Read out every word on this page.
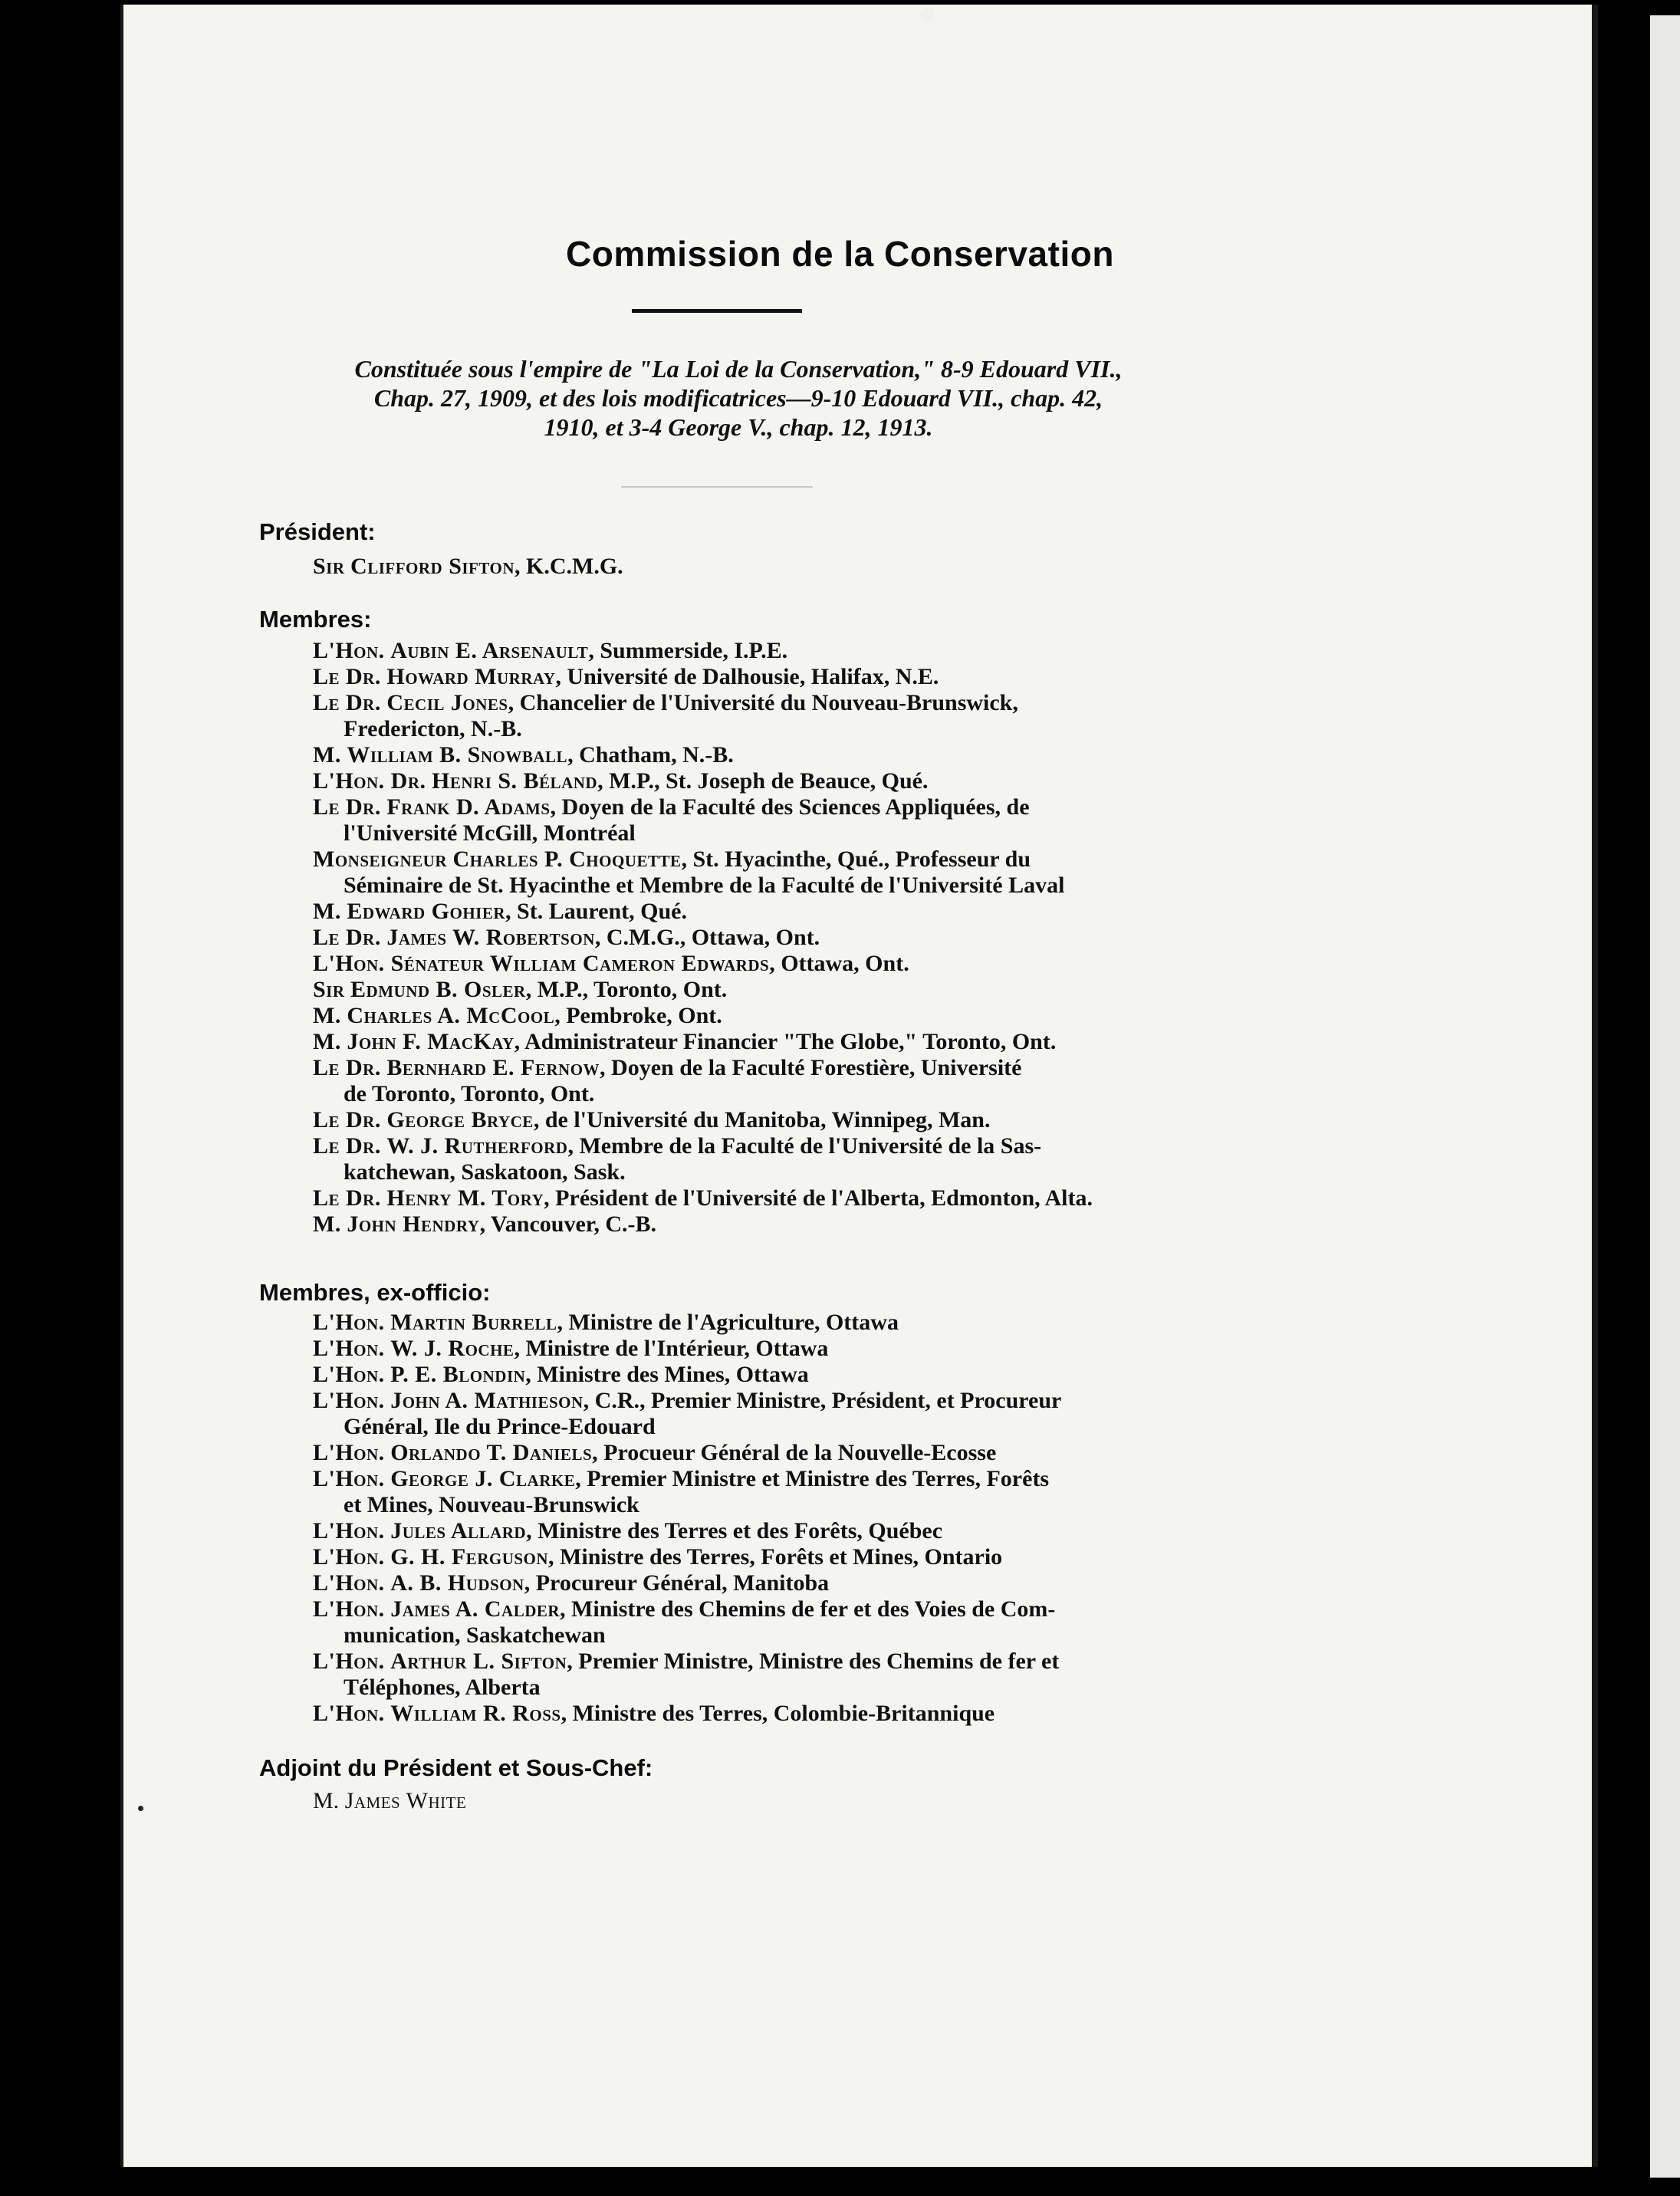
Commission de la Conservation
Constituée sous l'empire de "La Loi de la Conservation," 8-9 Edouard VII.,
Chap. 27, 1909, et des lois modificatrices—9-10 Edouard VII., chap. 42,
1910, et 3-4 George V., chap. 12, 1913.
Président:
Sir Clifford Sifton, K.C.M.G.
Membres:
L'Hon. Aubin E. Arsenault, Summerside, I.P.E.
Le Dr. Howard Murray, Université de Dalhousie, Halifax, N.E.
Le Dr. Cecil Jones, Chancelier de l'Université du Nouveau-Brunswick,
Fredericton, N.-B.
M. William B. Snowball, Chatham, N.-B.
L'Hon. Dr. Henri S. Béland, M.P., St. Joseph de Beauce, Qué.
Le Dr. Frank D. Adams, Doyen de la Faculté des Sciences Appliquées, de
l'Université McGill, Montréal
Monseigneur Charles P. Choquette, St. Hyacinthe, Qué., Professeur du
Séminaire de St. Hyacinthe et Membre de la Faculté de l'Université Laval
M. Edward Gohier, St. Laurent, Qué.
Le Dr. James W. Robertson, C.M.G., Ottawa, Ont.
L'Hon. Sénateur William Cameron Edwards, Ottawa, Ont.
Sir Edmund B. Osler, M.P., Toronto, Ont.
M. Charles A. McCool, Pembroke, Ont.
M. John F. MacKay, Administrateur Financier "The Globe," Toronto, Ont.
Le Dr. Bernhard E. Fernow, Doyen de la Faculté Forestière, Université
de Toronto, Toronto, Ont.
Le Dr. George Bryce, de l'Université du Manitoba, Winnipeg, Man.
Le Dr. W. J. Rutherford, Membre de la Faculté de l'Université de la Sas-
katchewan, Saskatoon, Sask.
Le Dr. Henry M. Tory, Président de l'Université de l'Alberta, Edmonton, Alta.
M. John Hendry, Vancouver, C.-B.
Membres, ex-officio:
L'Hon. Martin Burrell, Ministre de l'Agriculture, Ottawa
L'Hon. W. J. Roche, Ministre de l'Intérieur, Ottawa
L'Hon. P. E. Blondin, Ministre des Mines, Ottawa
L'Hon. John A. Mathieson, C.R., Premier Ministre, Président, et Procureur
Général, Ile du Prince-Edouard
L'Hon. Orlando T. Daniels, Procueur Général de la Nouvelle-Ecosse
L'Hon. George J. Clarke, Premier Ministre et Ministre des Terres, Forêts
et Mines, Nouveau-Brunswick
L'Hon. Jules Allard, Ministre des Terres et des Forêts, Québec
L'Hon. G. H. Ferguson, Ministre des Terres, Forêts et Mines, Ontario
L'Hon. A. B. Hudson, Procureur Général, Manitoba
L'Hon. James A. Calder, Ministre des Chemins de fer et des Voies de Com-
munication, Saskatchewan
L'Hon. Arthur L. Sifton, Premier Ministre, Ministre des Chemins de fer et
Téléphones, Alberta
L'Hon. William R. Ross, Ministre des Terres, Colombie-Britannique
Adjoint du Président et Sous-Chef:
M. James White
